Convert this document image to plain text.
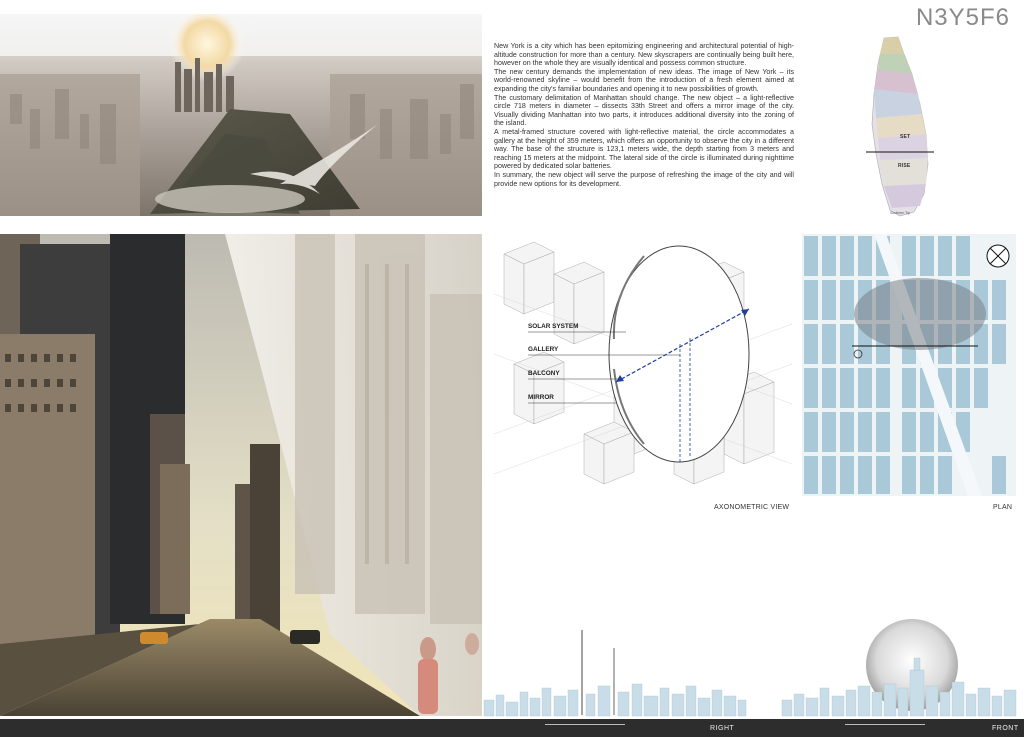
N3Y5F6

New York is a city which has been epitomizing engineering and architectural potential of high-altitude construction for more than a century. New skyscrapers are continually being built here, however on the whole they are visually identical and possess common structure.

The new century demands the implementation of new ideas. The image of New York – its world-renowned skyline – would benefit from the introduction of a fresh element aimed at expanding the city's familiar boundaries and opening it to new possibilities of growth.

The customary delimitation of Manhattan should change. The new object – a light-reflective circle 718 meters in diameter – dissects 33th Street and offers a mirror image of the city. Visually dividing Manhattan into two parts, it introduces additional diversity into the zoning of the island.

A metal-framed structure covered with light-reflective material, the circle accommodates a gallery at the height of 359 meters, which offers an opportunity to observe the city in a different way. The base of the structure is 123,1 meters wide, the depth starting from 3 meters and reaching 15 meters at the midpoint. The lateral side of the circle is illuminated during nighttime powered by dedicated solar batteries.

In summary, the new object will serve the purpose of refreshing the image of the city and will provide new options for its development.

Southern Tip
SET
RISE
SOLAR SYSTEM
GALLERY
BALCONY
MIRROR
AXONOMETRIC VIEW	PLAN
RIGHT	FRONT
